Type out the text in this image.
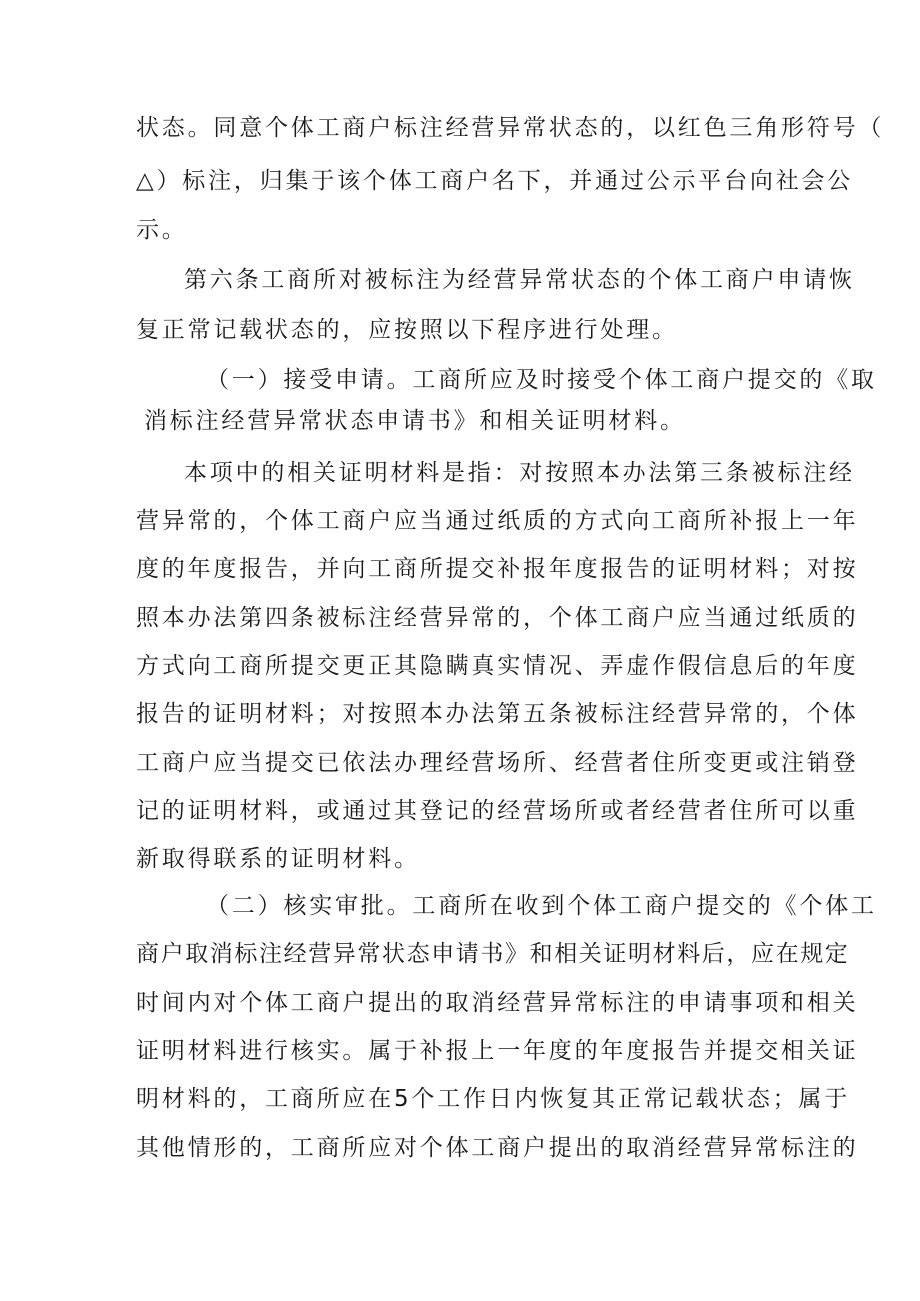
状态。同意个体工商户标注经营异常状态的，以红色三角形符号（
△）标注，归集于该个体工商户名下，并通过公示平台向社会公
示。
第六条工商所对被标注为经营异常状态的个体工商户申请恢
复正常记载状态的，应按照以下程序进行处理。
（一）接受申请。工商所应及时接受个体工商户提交的《取
消标注经营异常状态申请书》和相关证明材料。
本项中的相关证明材料是指：对按照本办法第三条被标注经
营异常的，个体工商户应当通过纸质的方式向工商所补报上一年
度的年度报告，并向工商所提交补报年度报告的证明材料；对按
照本办法第四条被标注经营异常的，个体工商户应当通过纸质的
方式向工商所提交更正其隐瞒真实情况、弄虚作假信息后的年度
报告的证明材料；对按照本办法第五条被标注经营异常的，个体
工商户应当提交已依法办理经营场所、经营者住所变更或注销登
记的证明材料，或通过其登记的经营场所或者经营者住所可以重
新取得联系的证明材料。
（二）核实审批。工商所在收到个体工商户提交的《个体工
商户取消标注经营异常状态申请书》和相关证明材料后，应在规定
时间内对个体工商户提出的取消经营异常标注的申请事项和相关
证明材料进行核实。属于补报上一年度的年度报告并提交相关证
明材料的，工商所应在5个工作日内恢复其正常记载状态；属于
其他情形的，工商所应对个体工商户提出的取消经营异常标注的
